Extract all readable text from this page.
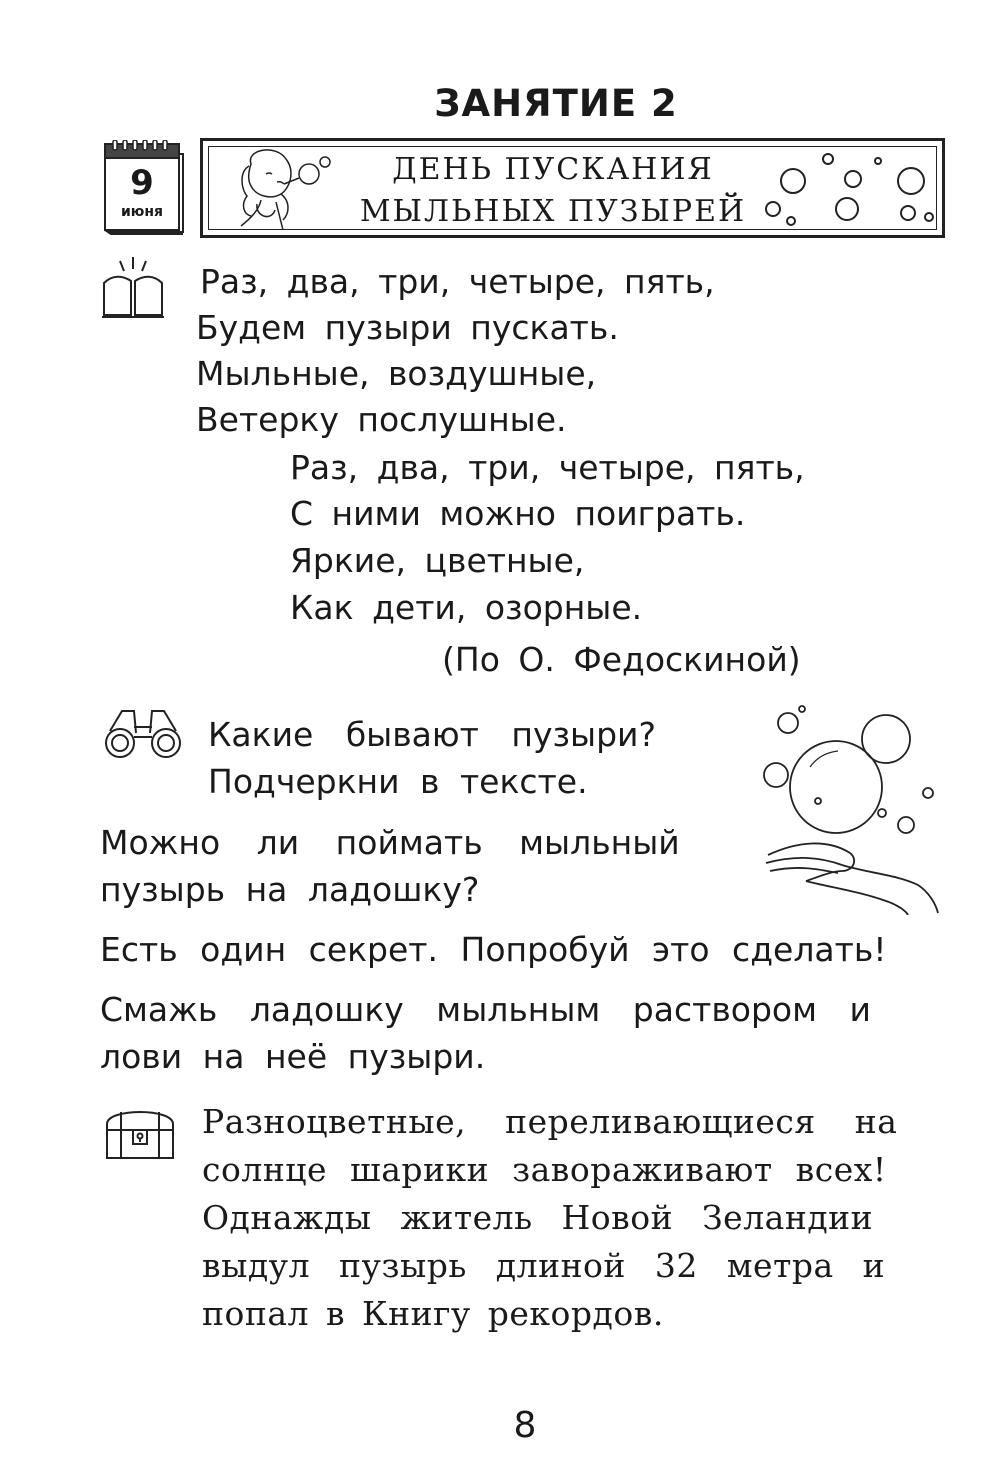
ЗАНЯТИЕ 2
9
июня
ДЕНЬ ПУСКАНИЯ
МЫЛЬНЫХ ПУЗЫРЕЙ
Раз, два, три, четыре, пять,
Будем пузыри пускать.
Мыльные, воздушные,
Ветерку послушные.
Раз, два, три, четыре, пять,
С ними можно поиграть.
Яркие, цветные,
Как дети, озорные.
(По О. Федоскиной)
Какие бывают пузыри?
Подчеркни в тексте.
Можно ли поймать мыльный
пузырь на ладошку?
Есть один секрет. Попробуй это сделать!
Смажь ладошку мыльным раствором и
лови на неё пузыри.
Разноцветные, переливающиеся на
солнце шарики завораживают всех!
Однажды житель Новой Зеландии
выдул пузырь длиной 32 метра и
попал в Книгу рекордов.
8
